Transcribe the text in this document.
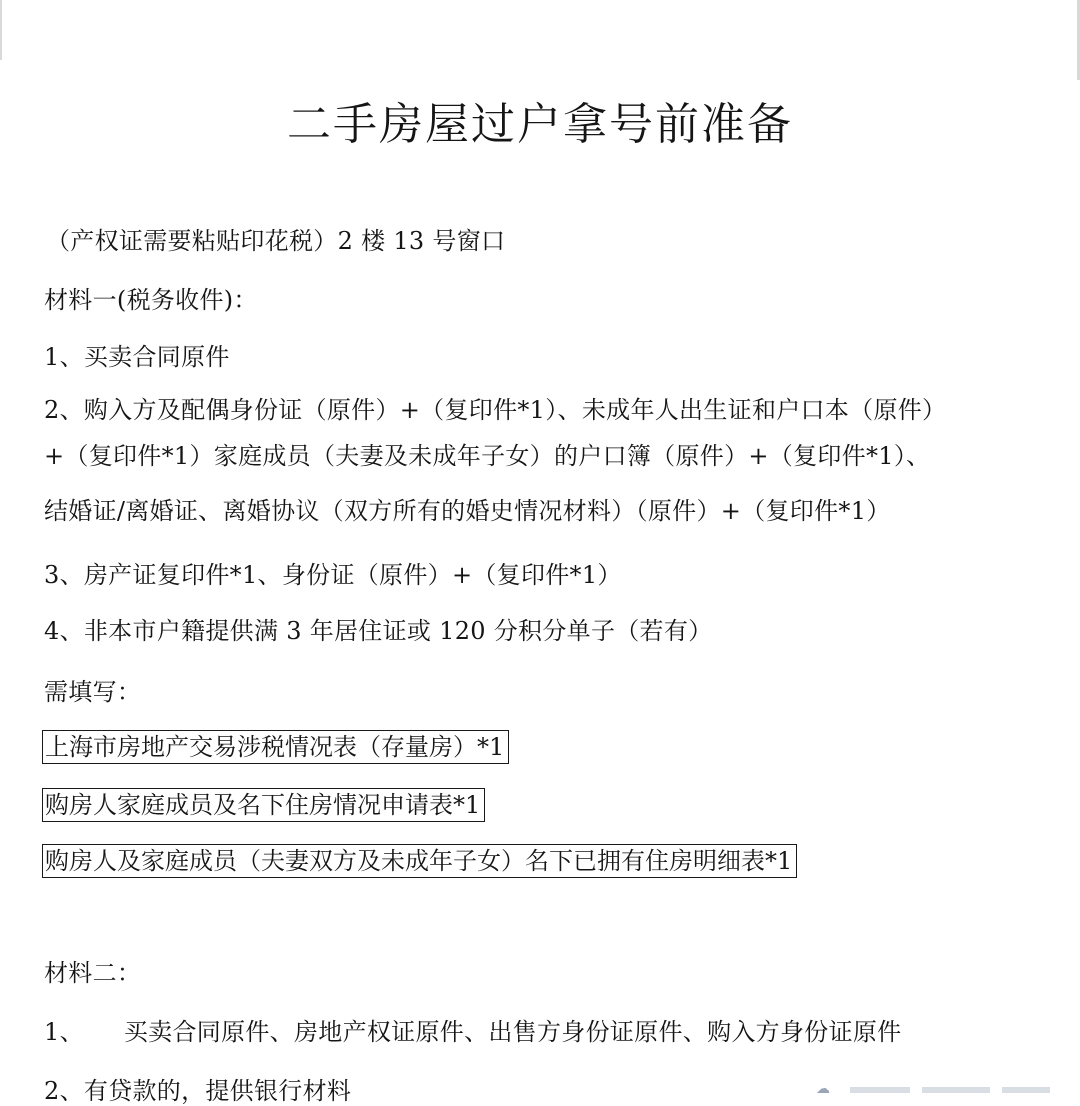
二手房屋过户拿号前准备
（产权证需要粘贴印花税）2 楼 13 号窗口
材料一(税务收件)：
1、买卖合同原件
2、购入方及配偶身份证（原件）+（复印件*1）、未成年人出生证和户口本（原件）
+（复印件*1）家庭成员（夫妻及未成年子女）的户口簿（原件）+（复印件*1）、
结婚证/离婚证、离婚协议（双方所有的婚史情况材料）（原件）+（复印件*1）
3、房产证复印件*1、身份证（原件）+（复印件*1）
4、非本市户籍提供满 3 年居住证或 120 分积分单子（若有）
需填写：
上海市房地产交易涉税情况表（存量房）*1
购房人家庭成员及名下住房情况申请表*1
购房人及家庭成员（夫妻双方及未成年子女）名下已拥有住房明细表*1
材料二：
1、 买卖合同原件、房地产权证原件、出售方身份证原件、购入方身份证原件
2、有贷款的，提供银行材料	☁
